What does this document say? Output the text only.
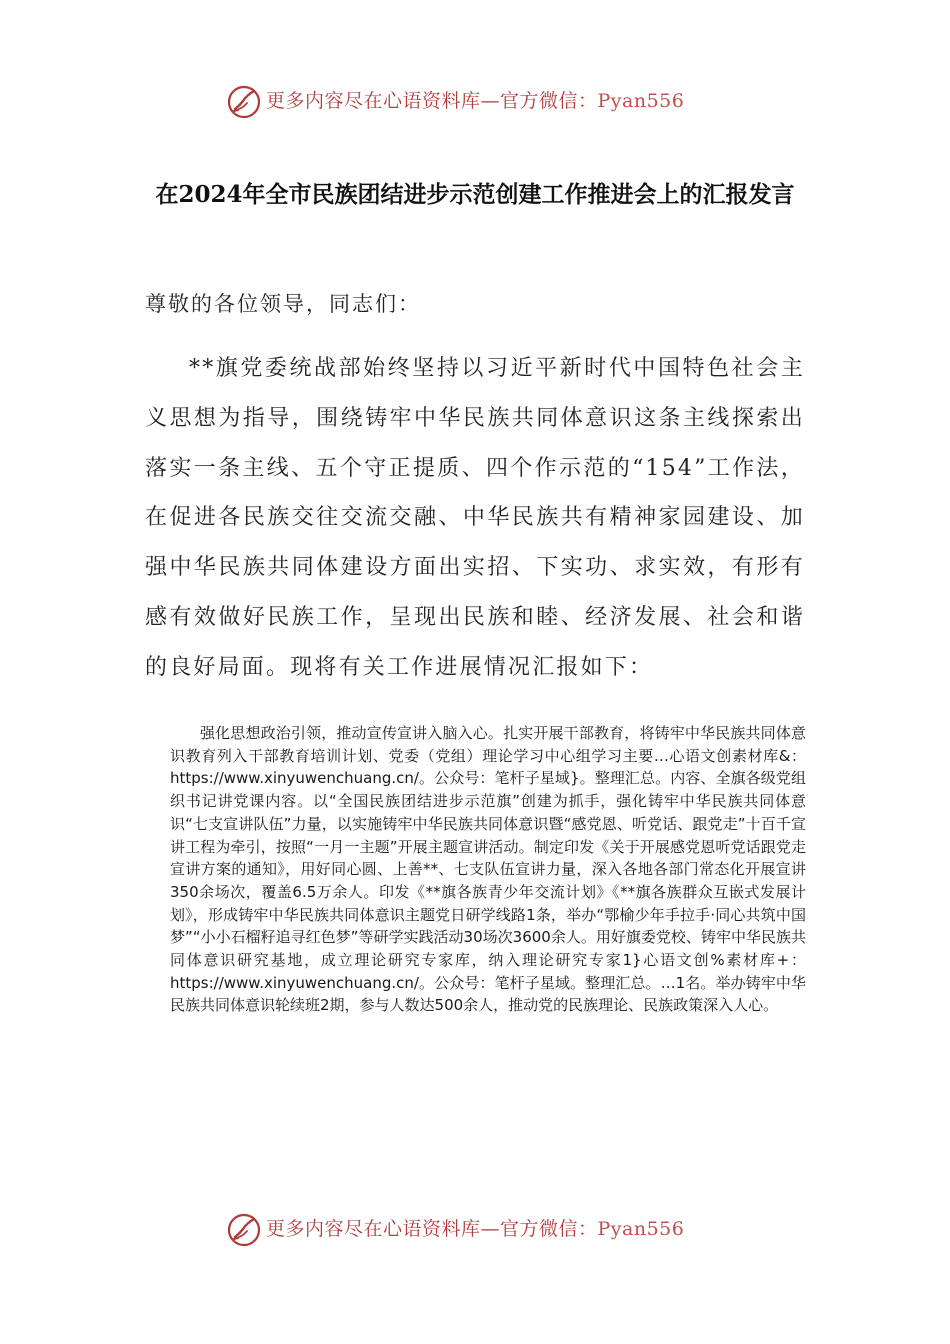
更多内容尽在心语资料库—官方微信：Pyan556
在2024年全市民族团结进步示范创建工作推进会上的汇报发言
尊敬的各位领导，同志们：

**旗党委统战部始终坚持以习近平新时代中国特色社会主义思想为指导，围绕铸牢中华民族共同体意识这条主线探索出落实一条主线、五个守正提质、四个作示范的“154”工作法，在促进各民族交往交流交融、中华民族共有精神家园建设、加强中华民族共同体建设方面出实招、下实功、求实效，有形有感有效做好民族工作，呈现出民族和睦、经济发展、社会和谐的良好局面。现将有关工作进展情况汇报如下：

强化思想政治引领，推动宣传宣讲入脑入心。扎实开展干部教育，将铸牢中华民族共同体意识教育列入干部教育培训计划、党委（党组）理论学习中心组学习主要…心语文创素材库&：https://www.xinyuwenchuang.cn/。公众号：笔杆子星域}。整理汇总。内容、全旗各级党组织书记讲党课内容。以“全国民族团结进步示范旗”创建为抓手，强化铸牢中华民族共同体意识“七支宣讲队伍”力量，以实施铸牢中华民族共同体意识暨“感党恩、听党话、跟党走”十百千宣讲工程为牵引，按照“一月一主题”开展主题宣讲活动。制定印发《关于开展感党恩听党话跟党走宣讲方案的通知》，用好同心圆、上善**、七支队伍宣讲力量，深入各地各部门常态化开展宣讲350余场次，覆盖6.5万余人。印发《**旗各族青少年交流计划》《**旗各族群众互嵌式发展计划》，形成铸牢中华民族共同体意识主题党日研学线路1条，举办“鄂榆少年手拉手·同心共筑中国梦”“小小石榴籽追寻红色梦”等研学实践活动30场次3600余人。用好旗委党校、铸牢中华民族共同体意识研究基地，成立理论研究专家库，纳入理论研究专家1}心语文创%素材库+：https://www.xinyuwenchuang.cn/。公众号：笔杆子星域。整理汇总。…1名。举办铸牢中华民族共同体意识轮续班2期，参与人数达500余人，推动党的民族理论、民族政策深入人心。

更多内容尽在心语资料库—官方微信：Pyan556
